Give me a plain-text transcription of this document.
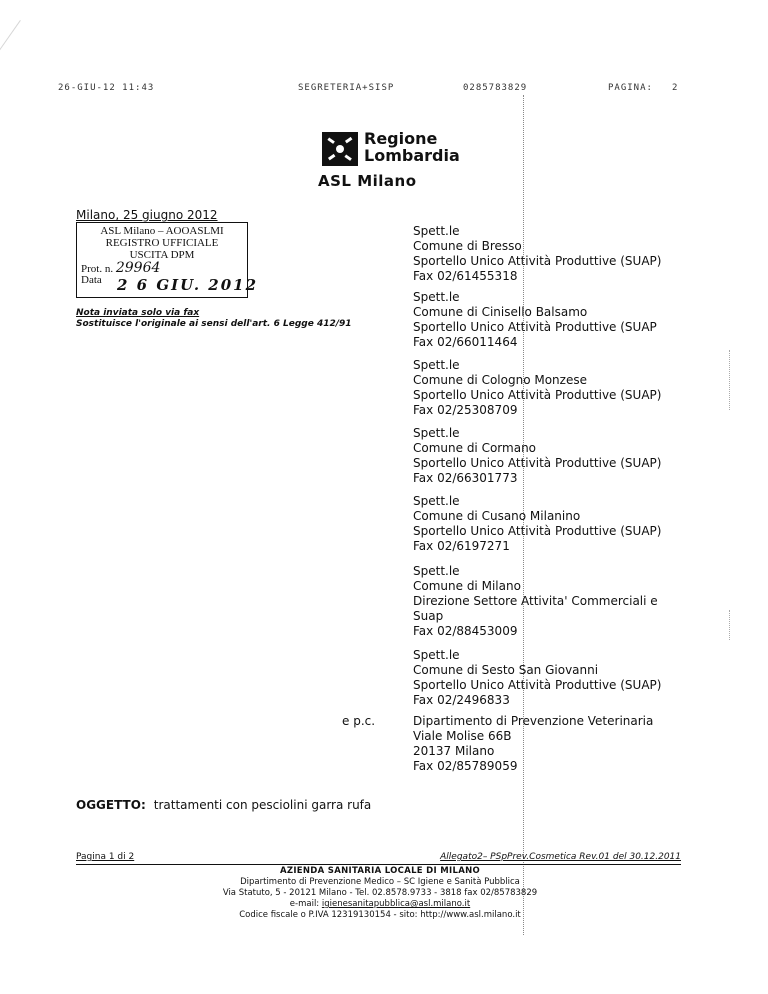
26-GIU-12 11:43	SEGRETERIA+SISP	0285783829	PAGINA: 2
Regione
Lombardia
ASL Milano
Milano, 25 giugno 2012
ASL Milano – AOOASLMI
REGISTRO UFFICIALE
USCITA DPM
Prot. n. 29964
Data 2 6 GIU. 2012
Nota inviata solo via fax
Sostituisce l'originale ai sensi dell'art. 6 Legge 412/91
Spett.le
Comune di Bresso
Sportello Unico Attività Produttive (SUAP)
Fax 02/61455318
Spett.le
Comune di Cinisello Balsamo
Sportello Unico Attività Produttive (SUAP
Fax 02/66011464
Spett.le
Comune di Cologno Monzese
Sportello Unico Attività Produttive (SUAP)
Fax 02/25308709
Spett.le
Comune di Cormano
Sportello Unico Attività Produttive (SUAP)
Fax 02/66301773
Spett.le
Comune di Cusano Milanino
Sportello Unico Attività Produttive (SUAP)
Fax 02/6197271
Spett.le
Comune di Milano
Direzione Settore Attivita' Commerciali e
Suap
Fax 02/88453009
Spett.le
Comune di Sesto San Giovanni
Sportello Unico Attività Produttive (SUAP)
Fax 02/2496833
e p.c.	Dipartimento di Prevenzione Veterinaria
Viale Molise 66B
20137 Milano
Fax 02/85789059
OGGETTO: trattamenti con pesciolini garra rufa
Pagina 1 di 2	Allegato2– PSpPrev.Cosmetica Rev.01 del 30.12.2011
AZIENDA SANITARIA LOCALE DI MILANO
Dipartimento di Prevenzione Medico – SC Igiene e Sanità Pubblica
Via Statuto, 5 - 20121 Milano - Tel. 02.8578.9733 - 3818 fax 02/85783829
e-mail: igienesanitapubblica@asl.milano.it
Codice fiscale o P.IVA 12319130154 - sito: http://www.asl.milano.it
